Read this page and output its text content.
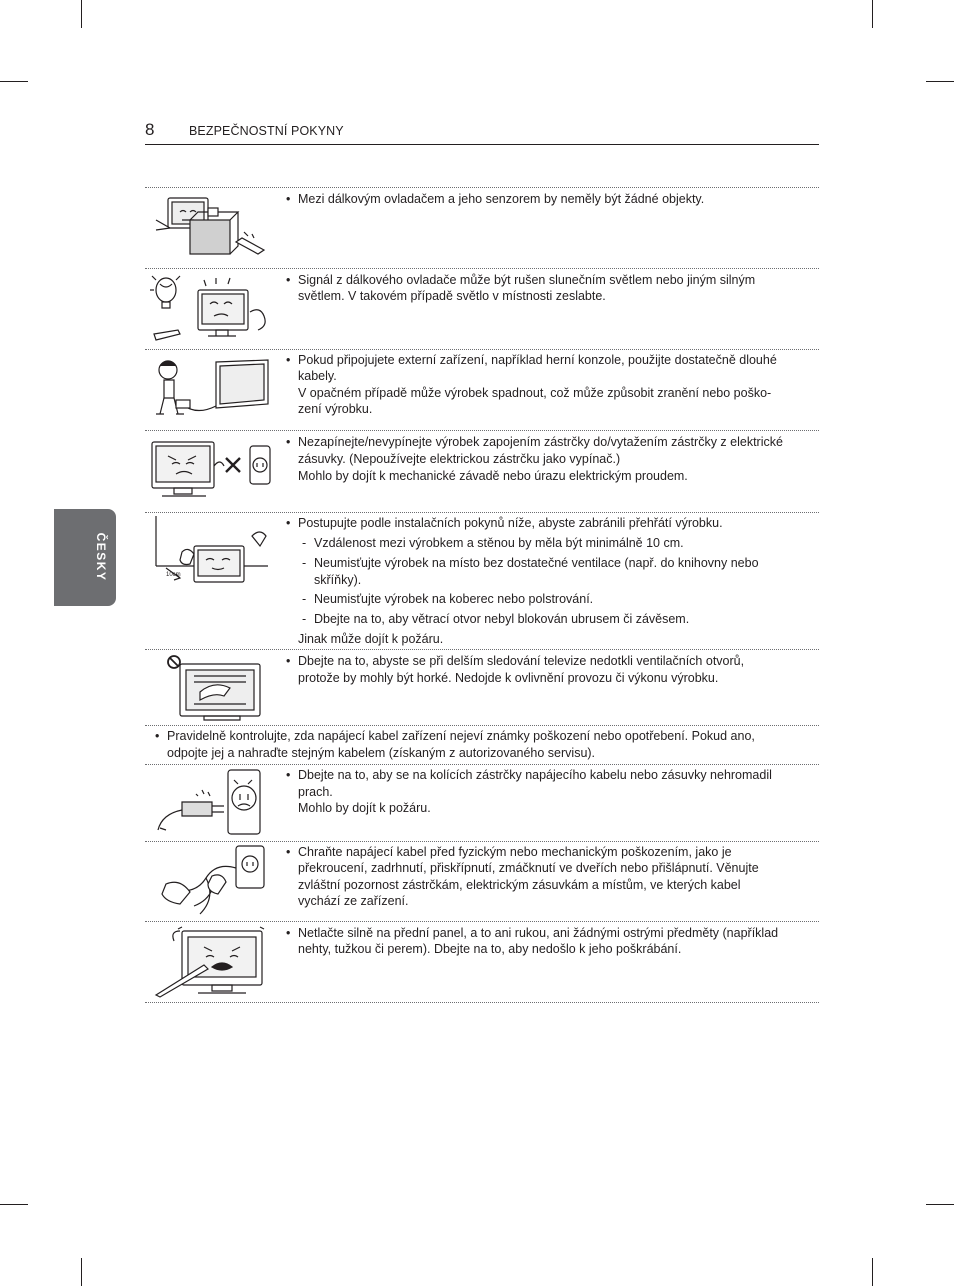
8	BEZPEČNOSTNÍ POKYNY
ČESKY
• Mezi dálkovým ovladačem a jeho senzorem by neměly být žádné objekty.
• Signál z dálkového ovladače může být rušen slunečním světlem nebo jiným silným
světlem. V takovém případě světlo v místnosti zeslabte.
• Pokud připojujete externí zařízení, například herní konzole, použijte dostatečně dlouhé
kabely.
V opačném případě může výrobek spadnout, což může způsobit zranění nebo poško-
zení výrobku.
• Nezapínejte/nevypínejte výrobek zapojením zástrčky do/vytažením zástrčky z elektrické
zásuvky. (Nepoužívejte elektrickou zástrčku jako vypínač.)
Mohlo by dojít k mechanické závadě nebo úrazu elektrickým proudem.
10cm
• Postupujte podle instalačních pokynů níže, abyste zabránili přehřátí výrobku.
- Vzdálenost mezi výrobkem a stěnou by měla být minimálně 10 cm.
- Neumisťujte výrobek na místo bez dostatečné ventilace (např. do knihovny nebo
skříňky).
- Neumisťujte výrobek na koberec nebo polstrování.
- Dbejte na to, aby větrací otvor nebyl blokován ubrusem či závěsem.
Jinak může dojít k požáru.
• Dbejte na to, abyste se při delším sledování televize nedotkli ventilačních otvorů,
protože by mohly být horké. Nedojde k ovlivnění provozu či výkonu výrobku.
• Pravidelně kontrolujte, zda napájecí kabel zařízení nejeví známky poškození nebo opotřebení. Pokud ano,
odpojte jej a nahraďte stejným kabelem (získaným z autorizovaného servisu).
• Dbejte na to, aby se na kolících zástrčky napájecího kabelu nebo zásuvky nehromadil
prach.
Mohlo by dojít k požáru.
• Chraňte napájecí kabel před fyzickým nebo mechanickým poškozením, jako je
překroucení, zadrhnutí, přiskřípnutí, zmáčknutí ve dveřích nebo přišlápnutí. Věnujte
zvláštní pozornost zástrčkám, elektrickým zásuvkám a místům, ve kterých kabel
vychází ze zařízení.
• Netlačte silně na přední panel, a to ani rukou, ani žádnými ostrými předměty (například
nehty, tužkou či perem). Dbejte na to, aby nedošlo k jeho poškrábání.
